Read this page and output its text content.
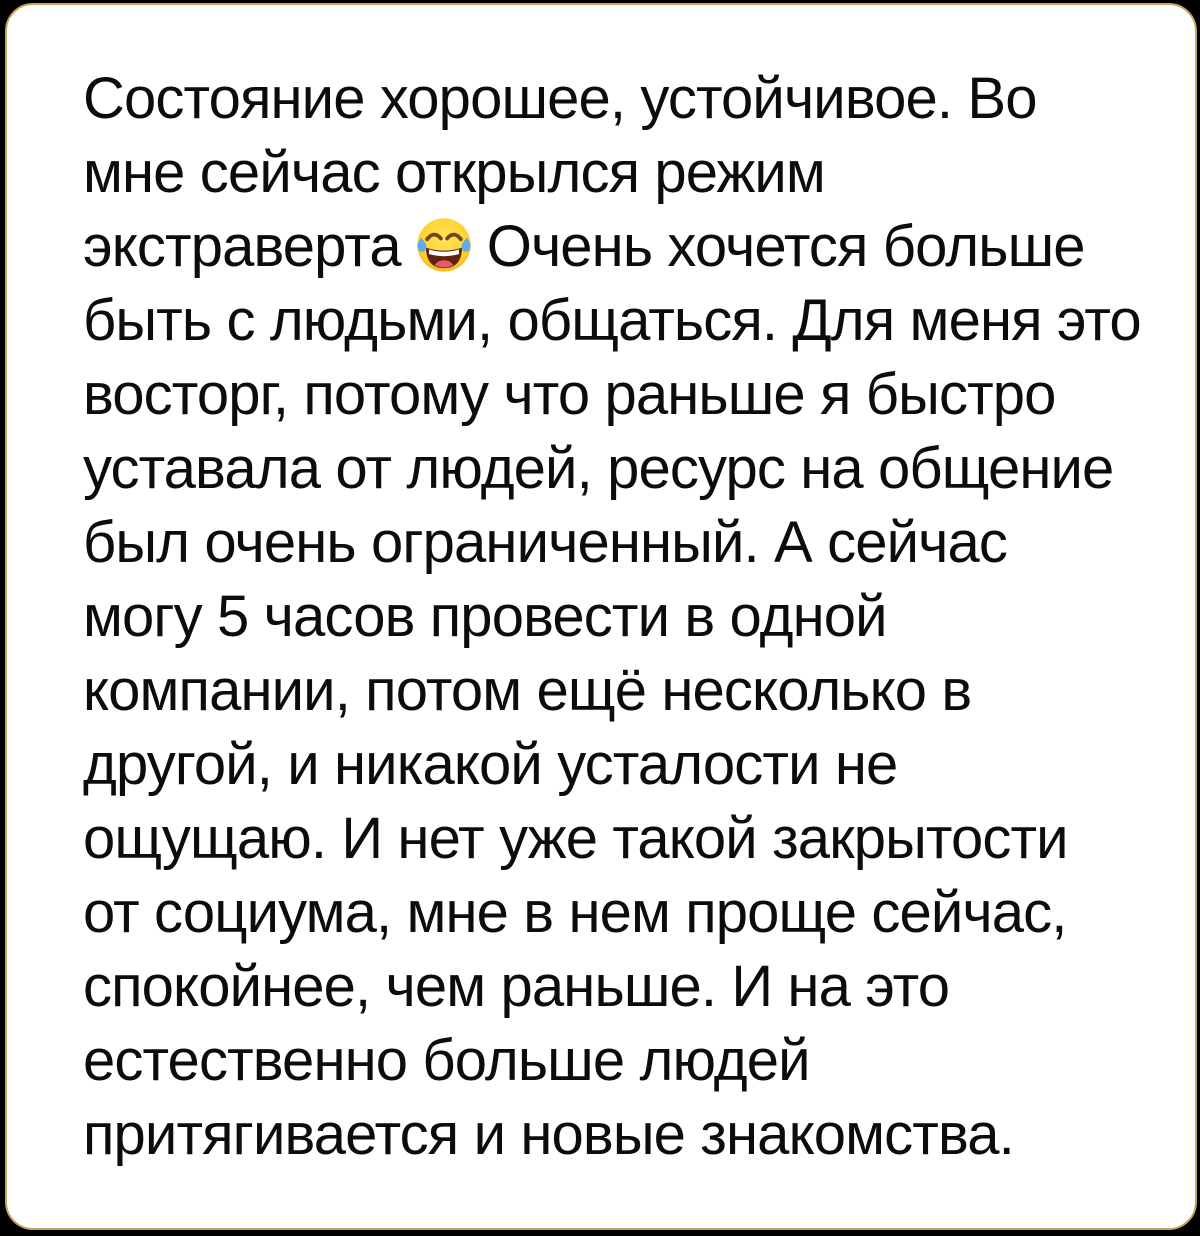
Состояние хорошее, устойчивое. Во
мне сейчас открылся режим
экстраверта Очень хочется больше
быть с людьми, общаться. Для меня это
восторг, потому что раньше я быстро
уставала от людей, ресурс на общение
был очень ограниченный. А сейчас
могу 5 часов провести в одной
компании, потом ещё несколько в
другой, и никакой усталости не
ощущаю. И нет уже такой закрытости
от социума, мне в нем проще сейчас,
спокойнее, чем раньше. И на это
естественно больше людей
притягивается и новые знакомства.
